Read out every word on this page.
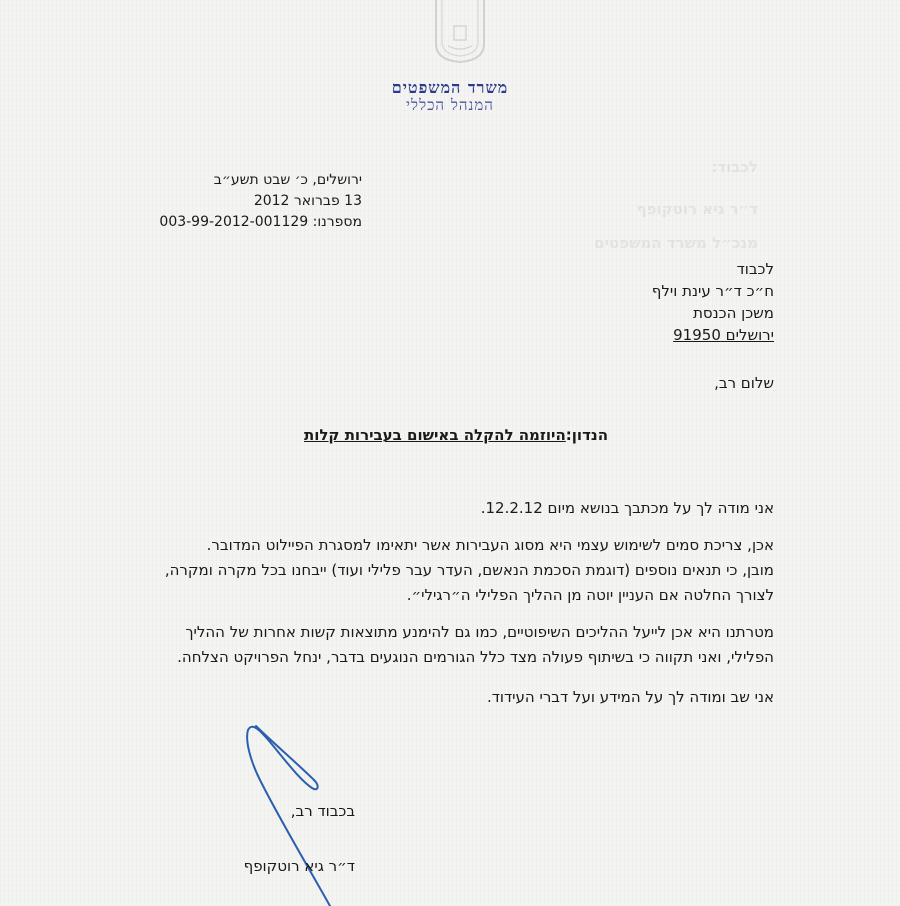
משרד המשפטים
המנהל הכללי
לכבוד:
ד״ר גיא רוטקופף
מנכ״ל משרד המשפטים
ירושלים, כ׳ שבט תשע״ב
13 פברואר 2012
מספרנו: 003-99-2012-001129
לכבוד
ח״כ ד״ר עינת וילף
משכן הכנסת
ירושלים 91950
שלום רב,
הנדון:היוזמה להקלה באישום בעבירות קלות
אני מודה לך על מכתבך בנושא מיום 12.2.12.
אכן, צריכת סמים לשימוש עצמי היא מסוג העבירות אשר יתאימו למסגרת הפיילוט המדובר.
מובן, כי תנאים נוספים (דוגמת הסכמת הנאשם, העדר עבר פלילי ועוד) ייבחנו בכל מקרה ומקרה,
לצורך החלטה אם העניין יוטה מן ההליך הפלילי ה״רגילי״.
מטרתנו היא אכן לייעל ההליכים השיפוטיים, כמו גם להימנע מתוצאות קשות אחרות של ההליך
הפלילי, ואני תקווה כי בשיתוף פעולה מצד כלל הגורמים הנוגעים בדבר, ינחל הפרויקט הצלחה.
אני שב ומודה לך על המידע ועל דברי העידוד.
בכבוד רב,
ד״ר גיא רוטקופף
